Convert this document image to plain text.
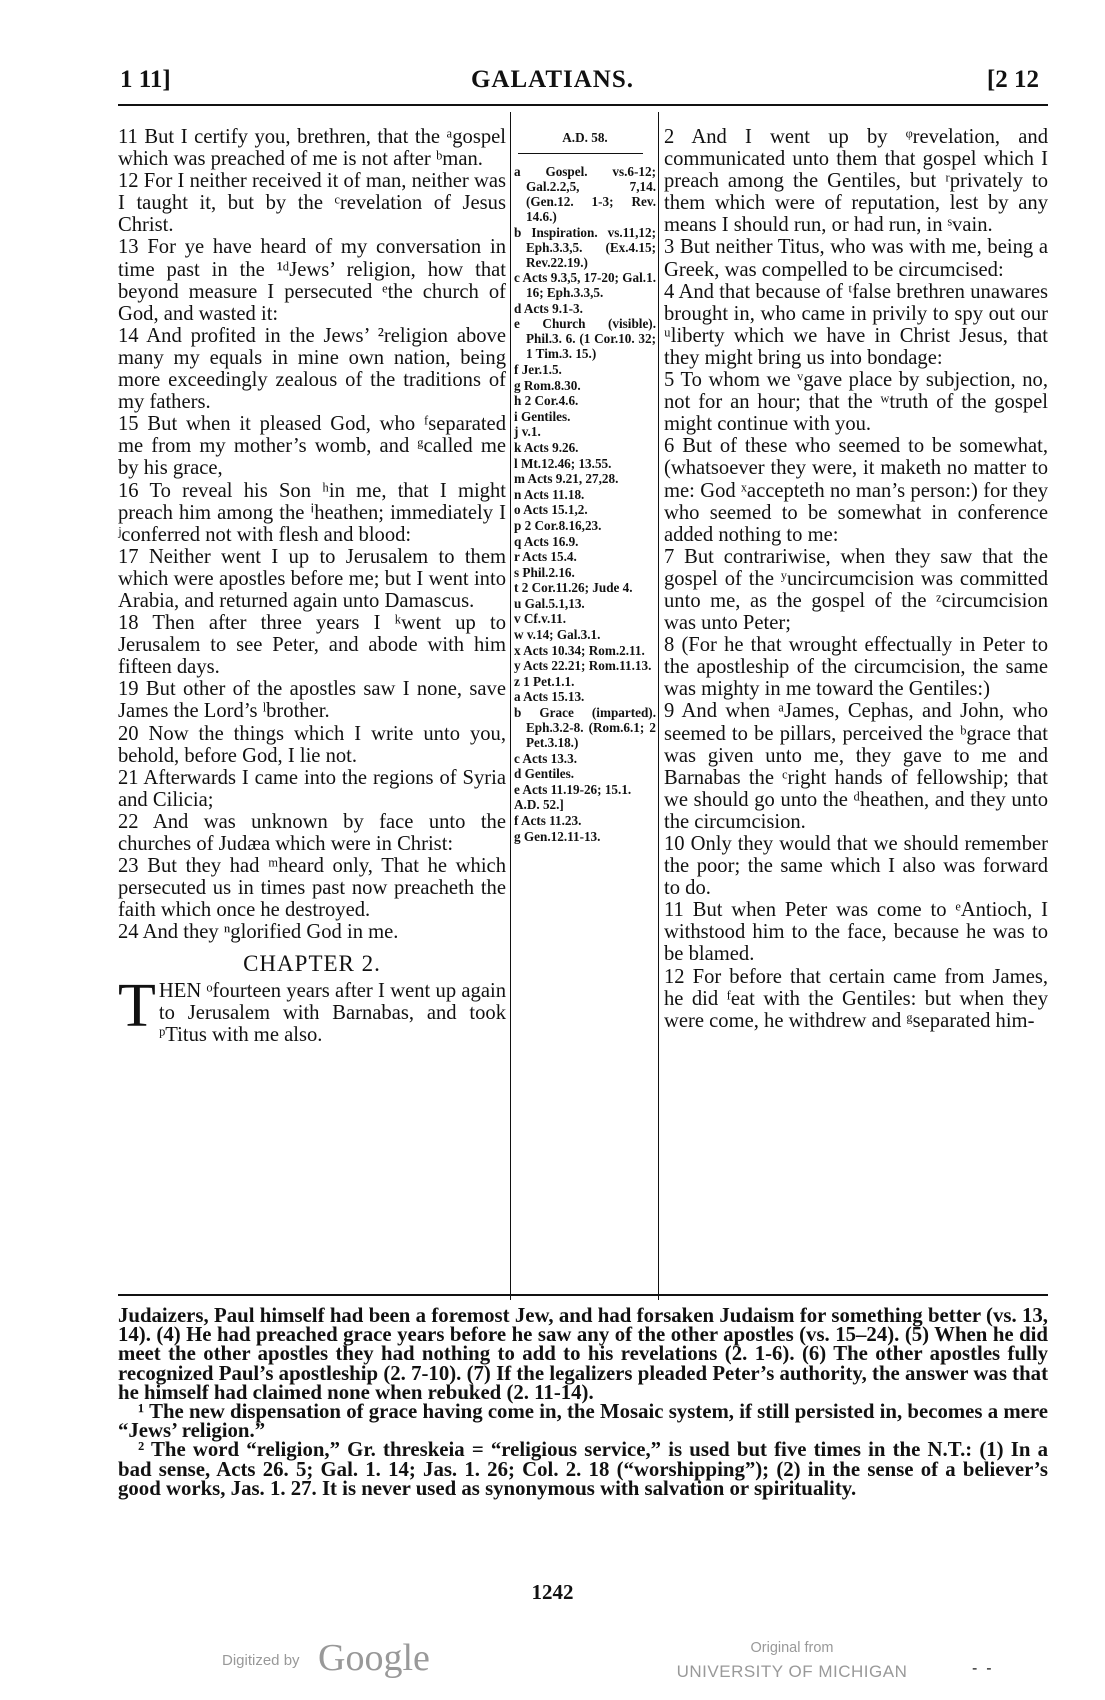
1 11]	GALATIANS.	[2 12

11 But I certify you, brethren, that the ᵃgospel which was preached of me is not after ᵇman.

12 For I neither received it of man, neither was I taught it, but by the ᶜrevelation of Jesus Christ.

13 For ye have heard of my conversation in time past in the ¹ᵈJews’ religion, how that beyond measure I persecuted ᵉthe church of God, and wasted it:

14 And profited in the Jews’ ²religion above many my equals in mine own nation, being more exceedingly zealous of the traditions of my fathers.

15 But when it pleased God, who ᶠseparated me from my mother’s womb, and ᵍcalled me by his grace,

16 To reveal his Son ʰin me, that I might preach him among the ⁱheathen; immediately I ʲconferred not with flesh and blood:

17 Neither went I up to Jerusalem to them which were apostles before me; but I went into Arabia, and returned again unto Damascus.

18 Then after three years I ᵏwent up to Jerusalem to see Peter, and abode with him fifteen days.

19 But other of the apostles saw I none, save James the Lord’s ˡbrother.

20 Now the things which I write unto you, behold, before God, I lie not.

21 Afterwards I came into the regions of Syria and Cilicia;

22 And was unknown by face unto the churches of Judæa which were in Christ:

23 But they had ᵐheard only, That he which persecuted us in times past now preacheth the faith which once he destroyed.

24 And they ⁿglorified God in me.

CHAPTER 2.

THEN ᵒfourteen years after I went up again to Jerusalem with Barnabas, and took ᵖTitus with me also.

A.D. 58.

a Gospel. vs.6-12; Gal.2.2,5, 7,14. (Gen.12. 1-3; Rev. 14.6.)

b Inspiration. vs.11,12; Eph.3.3,5. (Ex.4.15; Rev.22.19.)

c Acts 9.3,5, 17-20; Gal.1. 16; Eph.3.3,5.

d Acts 9.1-3.

e Church (visible). Phil.3. 6. (1 Cor.10. 32; 1 Tim.3. 15.)

f Jer.1.5.

g Rom.8.30.

h 2 Cor.4.6.

i Gentiles.

j v.1.

k Acts 9.26.

l Mt.12.46; 13.55.

m Acts 9.21, 27,28.

n Acts 11.18.

o Acts 15.1,2.

p 2 Cor.8.16,23.

q Acts 16.9.

r Acts 15.4.

s Phil.2.16.

t 2 Cor.11.26; Jude 4.

u Gal.5.1,13.

v Cf.v.11.

w v.14; Gal.3.1.

x Acts 10.34; Rom.2.11.

y Acts 22.21; Rom.11.13.

z 1 Pet.1.1.

a Acts 15.13.

b Grace (imparted). Eph.3.2-8. (Rom.6.1; 2 Pet.3.18.)

c Acts 13.3.

d Gentiles.

e Acts 11.19-26; 15.1.

A.D. 52.]

f Acts 11.23.

g Gen.12.11-13.

2 And I went up by ᵠrevelation, and communicated unto them that gospel which I preach among the Gentiles, but ʳprivately to them which were of reputation, lest by any means I should run, or had run, in ˢvain.

3 But neither Titus, who was with me, being a Greek, was compelled to be circumcised:

4 And that because of ᵗfalse brethren unawares brought in, who came in privily to spy out our ᵘliberty which we have in Christ Jesus, that they might bring us into bondage:

5 To whom we ᵛgave place by subjection, no, not for an hour; that the ʷtruth of the gospel might continue with you.

6 But of these who seemed to be somewhat, (whatsoever they were, it maketh no matter to me: God ˣaccepteth no man’s person:) for they who seemed to be somewhat in conference added nothing to me:

7 But contrariwise, when they saw that the gospel of the ʸuncircumcision was committed unto me, as the gospel of the ᶻcircumcision was unto Peter;

8 (For he that wrought effectually in Peter to the apostleship of the circumcision, the same was mighty in me toward the Gentiles:)

9 And when ᵃJames, Cephas, and John, who seemed to be pillars, perceived the ᵇgrace that was given unto me, they gave to me and Barnabas the ᶜright hands of fellowship; that we should go unto the ᵈheathen, and they unto the circumcision.

10 Only they would that we should remember the poor; the same which I also was forward to do.

11 But when Peter was come to ᵉAntioch, I withstood him to the face, because he was to be blamed.

12 For before that certain came from James, he did ᶠeat with the Gentiles: but when they were come, he withdrew and ᵍseparated him-

Judaizers, Paul himself had been a foremost Jew, and had forsaken Judaism for something better (vs. 13, 14). (4) He had preached grace years before he saw any of the other apostles (vs. 15–24). (5) When he did meet the other apostles they had nothing to add to his revelations (2. 1-6). (6) The other apostles fully recognized Paul’s apostleship (2. 7-10). (7) If the legalizers pleaded Peter’s authority, the answer was that he himself had claimed none when rebuked (2. 11-14).

¹ The new dispensation of grace having come in, the Mosaic system, if still persisted in, becomes a mere “Jews’ religion.”

² The word “religion,” Gr. threskeia = “religious service,” is used but five times in the N.T.: (1) In a bad sense, Acts 26. 5; Gal. 1. 14; Jas. 1. 26; Col. 2. 18 (“worshipping”); (2) in the sense of a believer’s good works, Jas. 1. 27. It is never used as synonymous with salvation or spirituality.

1242
Digitized by Google	Original from
UNIVERSITY OF MICHIGAN	-  -
